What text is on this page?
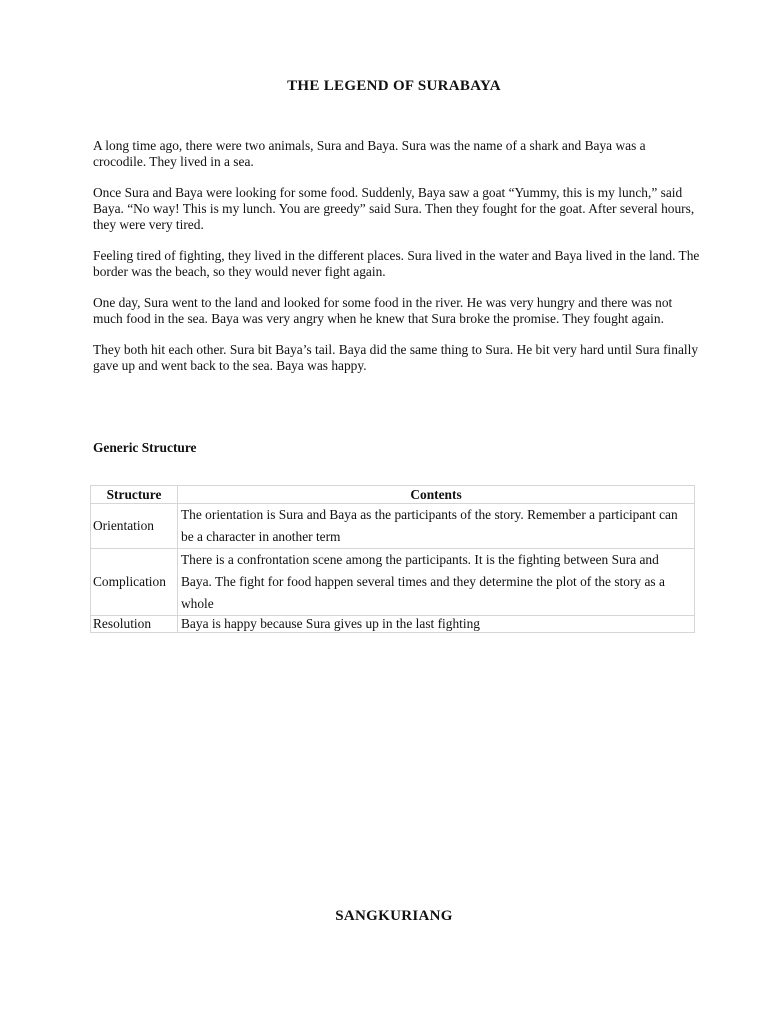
THE LEGEND OF SURABAYA

A long time ago, there were two animals, Sura and Baya. Sura was the name of a shark and Baya was a crocodile. They lived in a sea.

Once Sura and Baya were looking for some food. Suddenly, Baya saw a goat “Yummy, this is my lunch,” said Baya. “No way! This is my lunch. You are greedy” said Sura. Then they fought for the goat. After several hours, they were very tired.

Feeling tired of fighting, they lived in the different places. Sura lived in the water and Baya lived in the land. The border was the beach, so they would never fight again.

One day, Sura went to the land and looked for some food in the river. He was very hungry and there was not much food in the sea. Baya was very angry when he knew that Sura broke the promise. They fought again.

They both hit each other. Sura bit Baya’s tail. Baya did the same thing to Sura. He bit very hard until Sura finally gave up and went back to the sea. Baya was happy.

Generic Structure
Structure	Contents
Orientation	The orientation is Sura and Baya as the participants of the story. Remember a participant can be a character in another term
Complication	There is a confrontation scene among the participants. It is the fighting between Sura and Baya. The fight for food happen several times and they determine the plot of the story as a whole
Resolution	Baya is happy because Sura gives up in the last fighting
SANGKURIANG
